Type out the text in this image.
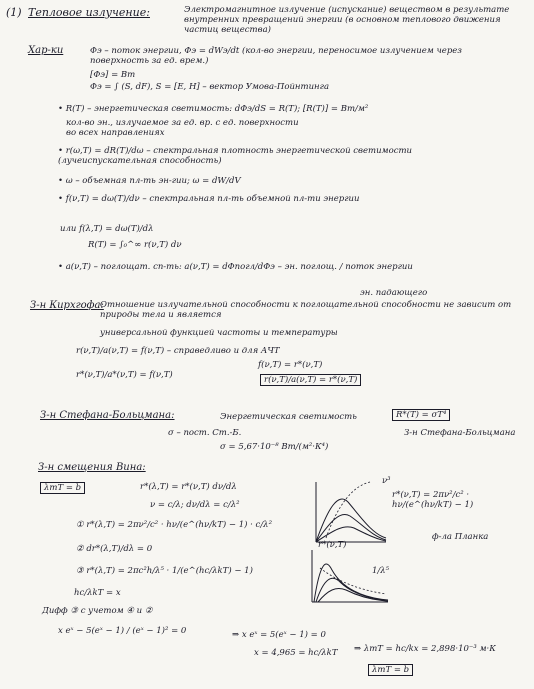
(1) Тепловое излучение:	Электромагнитное излучение (испускание) веществом в результате внутренних превращений энергии (в основном теплового движения частиц вещества)
Хар-ки	Φэ – поток энергии, Φэ = dWэ/dt (кол-во энергии, переносимое излучением через поверхность за ед. врем.)
[Φэ] = Вт
Φэ = ∫ (S, dF), S = [E, H] – вектор Умова-Пойнтинга
• R(T) – энергетическая светимость: dΦэ/dS = R(T); [R(T)] = Вт/м²
кол-во эн., излучаемое за ед. вр. с ед. поверхности во всех направлениях
• r(ω,T) = dR(T)/dω – спектральная плотность энергетической светимости (лучеиспускательная способность)
• ω – объемная пл-ть эн-гии; ω = dW/dV
• f(ν,T) = dω(T)/dν – спектральная пл-ть объемной пл-ти энергии
или f(λ,T) = dω(T)/dλ
R(T) = ∫₀^∞ r(ν,T) dν
• a(ν,T) – поглощат. сп-ть: a(ν,T) = dΦпогл/dΦэ – эн. поглощ. / поток энергии
эн. падающего
З-н Кирхгофа:
Отношение излучательной способности к поглощательной способности не зависит от природы тела и является
универсальной функцией частоты и температуры
r(ν,T)/a(ν,T) = f(ν,T) – справедливо и для АЧТ
r*(ν,T)/a*(ν,T) = f(ν,T)
f(ν,T) = r*(ν,T)
r(ν,T)/a(ν,T) = r*(ν,T)
З-н Стефана-Больцмана:	Энергетическая светимость	R*(T) = σT⁴
σ – пост. Ст.-Б.
σ = 5,67·10⁻⁸ Вт/(м²·К⁴)
З-н Стефана-Больцмана
З-н смещения Вина:
λmT = b	r*(λ,T) = r*(ν,T) dν/dλ
ν = c/λ; dν/dλ = c/λ²
① r*(λ,T) = 2πν²/c² · hν/(e^(hν/kT) − 1) · c/λ²
② dr*(λ,T)/dλ = 0
③ r*(λ,T) = 2πc²h/λ⁵ · 1/(e^(hc/λkT) − 1)
hc/λkT = x
r*(ν,T) = 2πν²/c² · hν/(e^(hν/kT) − 1)
ф-ла Планка
ν³
r*(ν,T)
1/λ⁵
Дифф ③ с учетом ④ и ②
x eˣ − 5(eˣ − 1) / (eˣ − 1)² = 0	⇒ x eˣ = 5(eˣ − 1) = 0
x = 4,965 = hc/λkT ⇒ λmT = hc/kx = 2,898·10⁻³ м·К
λmT = b
